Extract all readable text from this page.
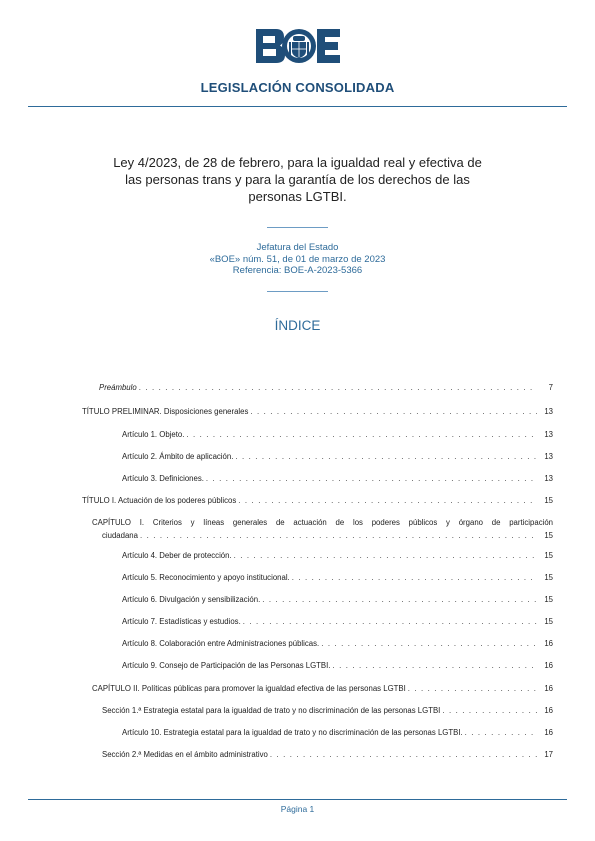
LEGISLACIÓN CONSOLIDADA
Ley 4/2023, de 28 de febrero, para la igualdad real y efectiva de las personas trans y para la garantía de los derechos de las personas LGTBI.
Jefatura del Estado
«BOE» núm. 51, de 01 de marzo de 2023
Referencia: BOE-A-2023-5366
ÍNDICE
Preámbulo . . .	7
TÍTULO PRELIMINAR. Disposiciones generales . . .	13
Artículo 1. Objeto. . . .	13
Artículo 2. Ámbito de aplicación. . . .	13
Artículo 3. Definiciones. . . .	13
TÍTULO I. Actuación de los poderes públicos . . .	15
CAPÍTULO I. Criterios y líneas generales de actuación de los poderes públicos y órgano de participación
ciudadana . . .	15
Artículo 4. Deber de protección. . . .	15
Artículo 5. Reconocimiento y apoyo institucional. . . .	15
Artículo 6. Divulgación y sensibilización. . . .	15
Artículo 7. Estadísticas y estudios. . . .	15
Artículo 8. Colaboración entre Administraciones públicas. . . .	16
Artículo 9. Consejo de Participación de las Personas LGTBI. . . .	16
CAPÍTULO II. Políticas públicas para promover la igualdad efectiva de las personas LGTBI . . .	16
Sección 1.ª Estrategia estatal para la igualdad de trato y no discriminación de las personas LGTBI . . .	16
Artículo 10. Estrategia estatal para la igualdad de trato y no discriminación de las personas LGTBI. . . .	16
Sección 2.ª Medidas en el ámbito administrativo . . .	17
Página 1
